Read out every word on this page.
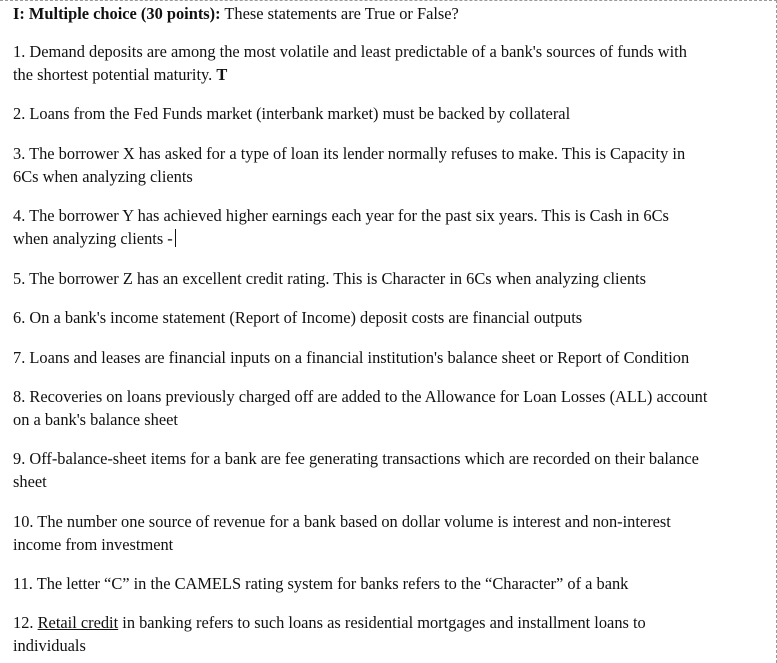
I: Multiple choice (30 points): These statements are True or False?
1. Demand deposits are among the most volatile and least predictable of a bank's sources of funds with
the shortest potential maturity. T
2. Loans from the Fed Funds market (interbank market) must be backed by collateral
3. The borrower X has asked for a type of loan its lender normally refuses to make. This is Capacity in
6Cs when analyzing clients
4. The borrower Y has achieved higher earnings each year for the past six years. This is Cash in 6Cs
when analyzing clients -
5. The borrower Z has an excellent credit rating. This is Character in 6Cs when analyzing clients
6. On a bank's income statement (Report of Income) deposit costs are financial outputs
7. Loans and leases are financial inputs on a financial institution's balance sheet or Report of Condition
8. Recoveries on loans previously charged off are added to the Allowance for Loan Losses (ALL) account
on a bank's balance sheet
9. Off-balance-sheet items for a bank are fee generating transactions which are recorded on their balance
sheet
10. The number one source of revenue for a bank based on dollar volume is interest and non-interest
income from investment
11. The letter “C” in the CAMELS rating system for banks refers to the “Character” of a bank
12. Retail credit in banking refers to such loans as residential mortgages and installment loans to
individuals
